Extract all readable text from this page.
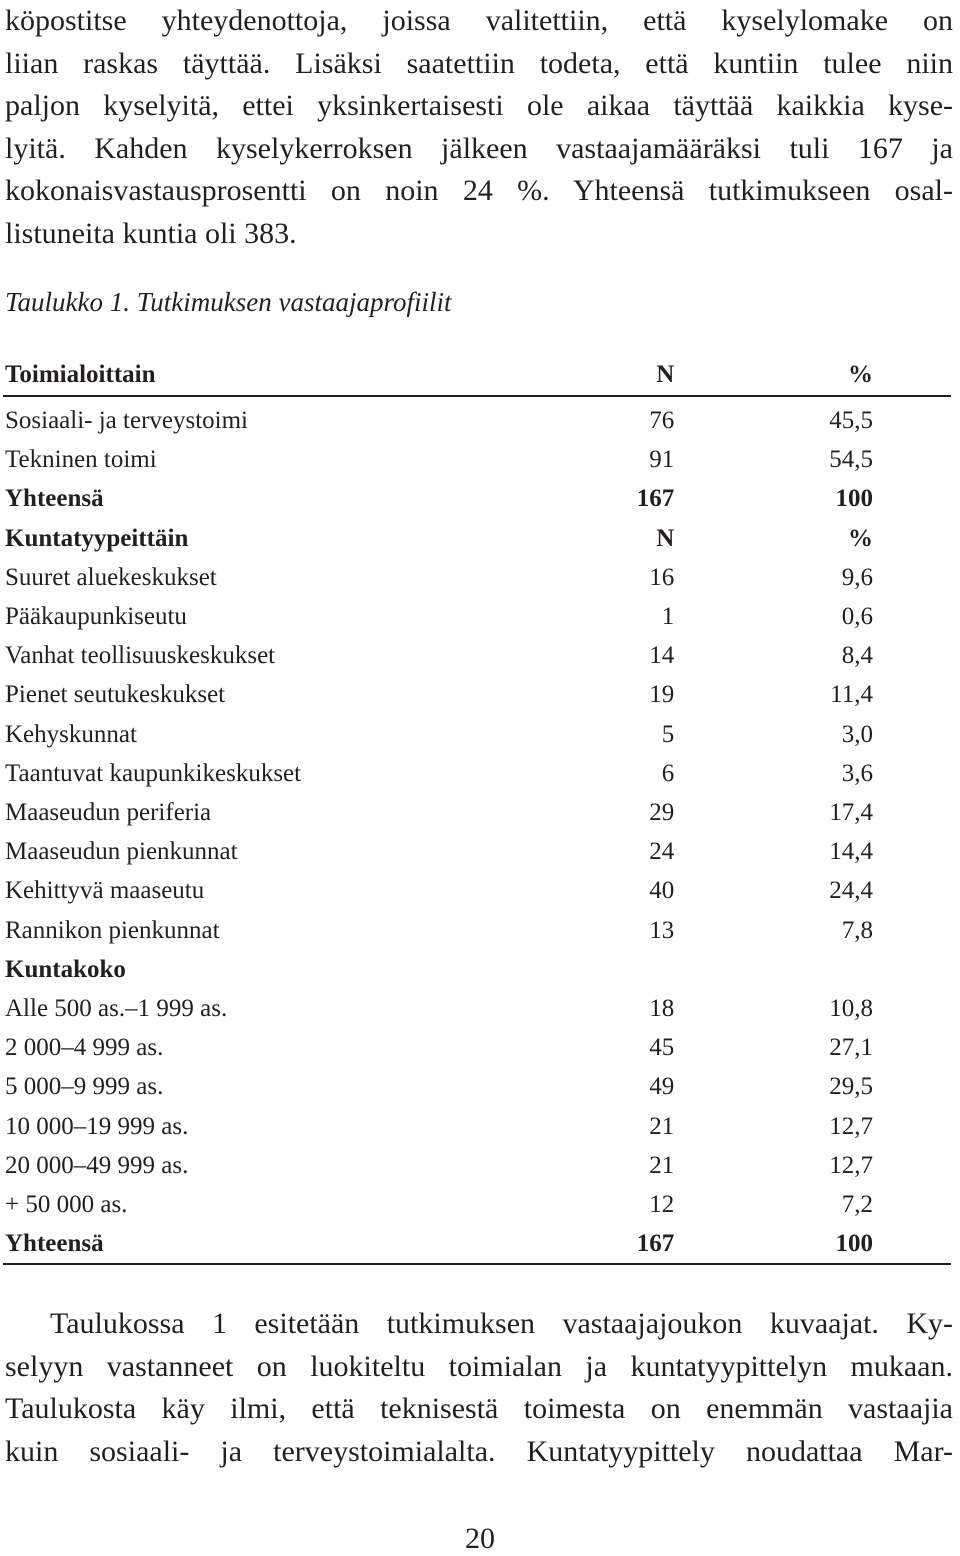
köpostitse yhteydenottoja, joissa valitettiin, että kyselylomake on
liian raskas täyttää. Lisäksi saatettiin todeta, että kuntiin tulee niin
paljon kyselyitä, ettei yksinkertaisesti ole aikaa täyttää kaikkia kyse-
lyitä. Kahden kyselykerroksen jälkeen vastaajamääräksi tuli 167 ja
kokonaisvastausprosentti on noin 24 %. Yhteensä tutkimukseen osal-
listuneita kuntia oli 383.
Taulukko 1. Tutkimuksen vastaajaprofiilit
Toimialoittain	N	%
Sosiaali- ja terveystoimi	76	45,5
Tekninen toimi	91	54,5
Yhteensä	167	100
Kuntatyypeittäin	N	%
Suuret aluekeskukset	16	9,6
Pääkaupunkiseutu	1	0,6
Vanhat teollisuuskeskukset	14	8,4
Pienet seutukeskukset	19	11,4
Kehyskunnat	5	3,0
Taantuvat kaupunkikeskukset	6	3,6
Maaseudun periferia	29	17,4
Maaseudun pienkunnat	24	14,4
Kehittyvä maaseutu	40	24,4
Rannikon pienkunnat	13	7,8
Kuntakoko		
Alle 500 as.–1 999 as.	18	10,8
2 000–4 999 as.	45	27,1
5 000–9 999 as.	49	29,5
10 000–19 999 as.	21	12,7
20 000–49 999 as.	21	12,7
+ 50 000 as.	12	7,2
Yhteensä	167	100
Taulukossa 1 esitetään tutkimuksen vastaajajoukon kuvaajat. Ky-
selyyn vastanneet on luokiteltu toimialan ja kuntatyypittelyn mukaan.
Taulukosta käy ilmi, että teknisestä toimesta on enemmän vastaajia
kuin sosiaali- ja terveystoimialalta. Kuntatyypittely noudattaa Mar-
20
